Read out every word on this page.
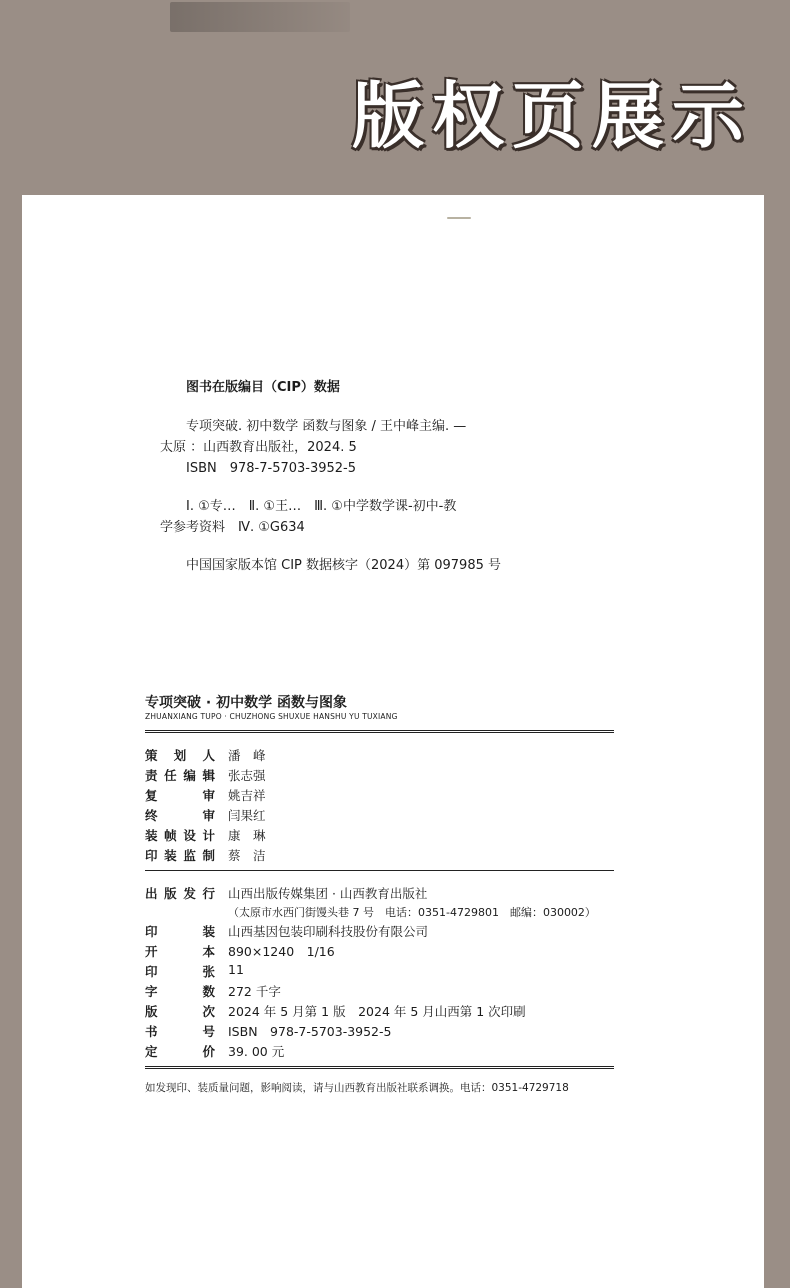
版权页展示
图书在版编目（CIP）数据
专项突破. 初中数学 函数与图象 / 王中峰主编. —
太原 ：山西教育出版社，2024. 5
ISBN　978-7-5703-3952-5
Ⅰ. ①专…　Ⅱ. ①王…　Ⅲ. ①中学数学课-初中-教
学参考资料　Ⅳ. ①G634
中国国家版本馆 CIP 数据核字（2024）第 097985 号
专项突破 · 初中数学 函数与图象
ZHUANXIANG TUPO · CHUZHONG SHUXUE HANSHU YU TUXIANG
策 划 人 潘　峰
责 任 编 辑 张志强
复	审 姚吉祥
终	审 闫果红
装 帧 设 计 康　琳
印 装 监 制 蔡　洁
出 版 发 行 山西出版传媒集团 · 山西教育出版社
（太原市水西门街馒头巷 7 号　电话：0351-4729801　邮编：030002）
印	装 山西基因包装印刷科技股份有限公司
开	本 890×1240　1/16
印	张 11
字	数 272 千字
版	次 2024 年 5 月第 1 版　2024 年 5 月山西第 1 次印刷
书	号 ISBN　978-7-5703-3952-5
定	价 39. 00 元
如发现印、装质量问题，影响阅读，请与山西教育出版社联系调换。电话：0351-4729718
